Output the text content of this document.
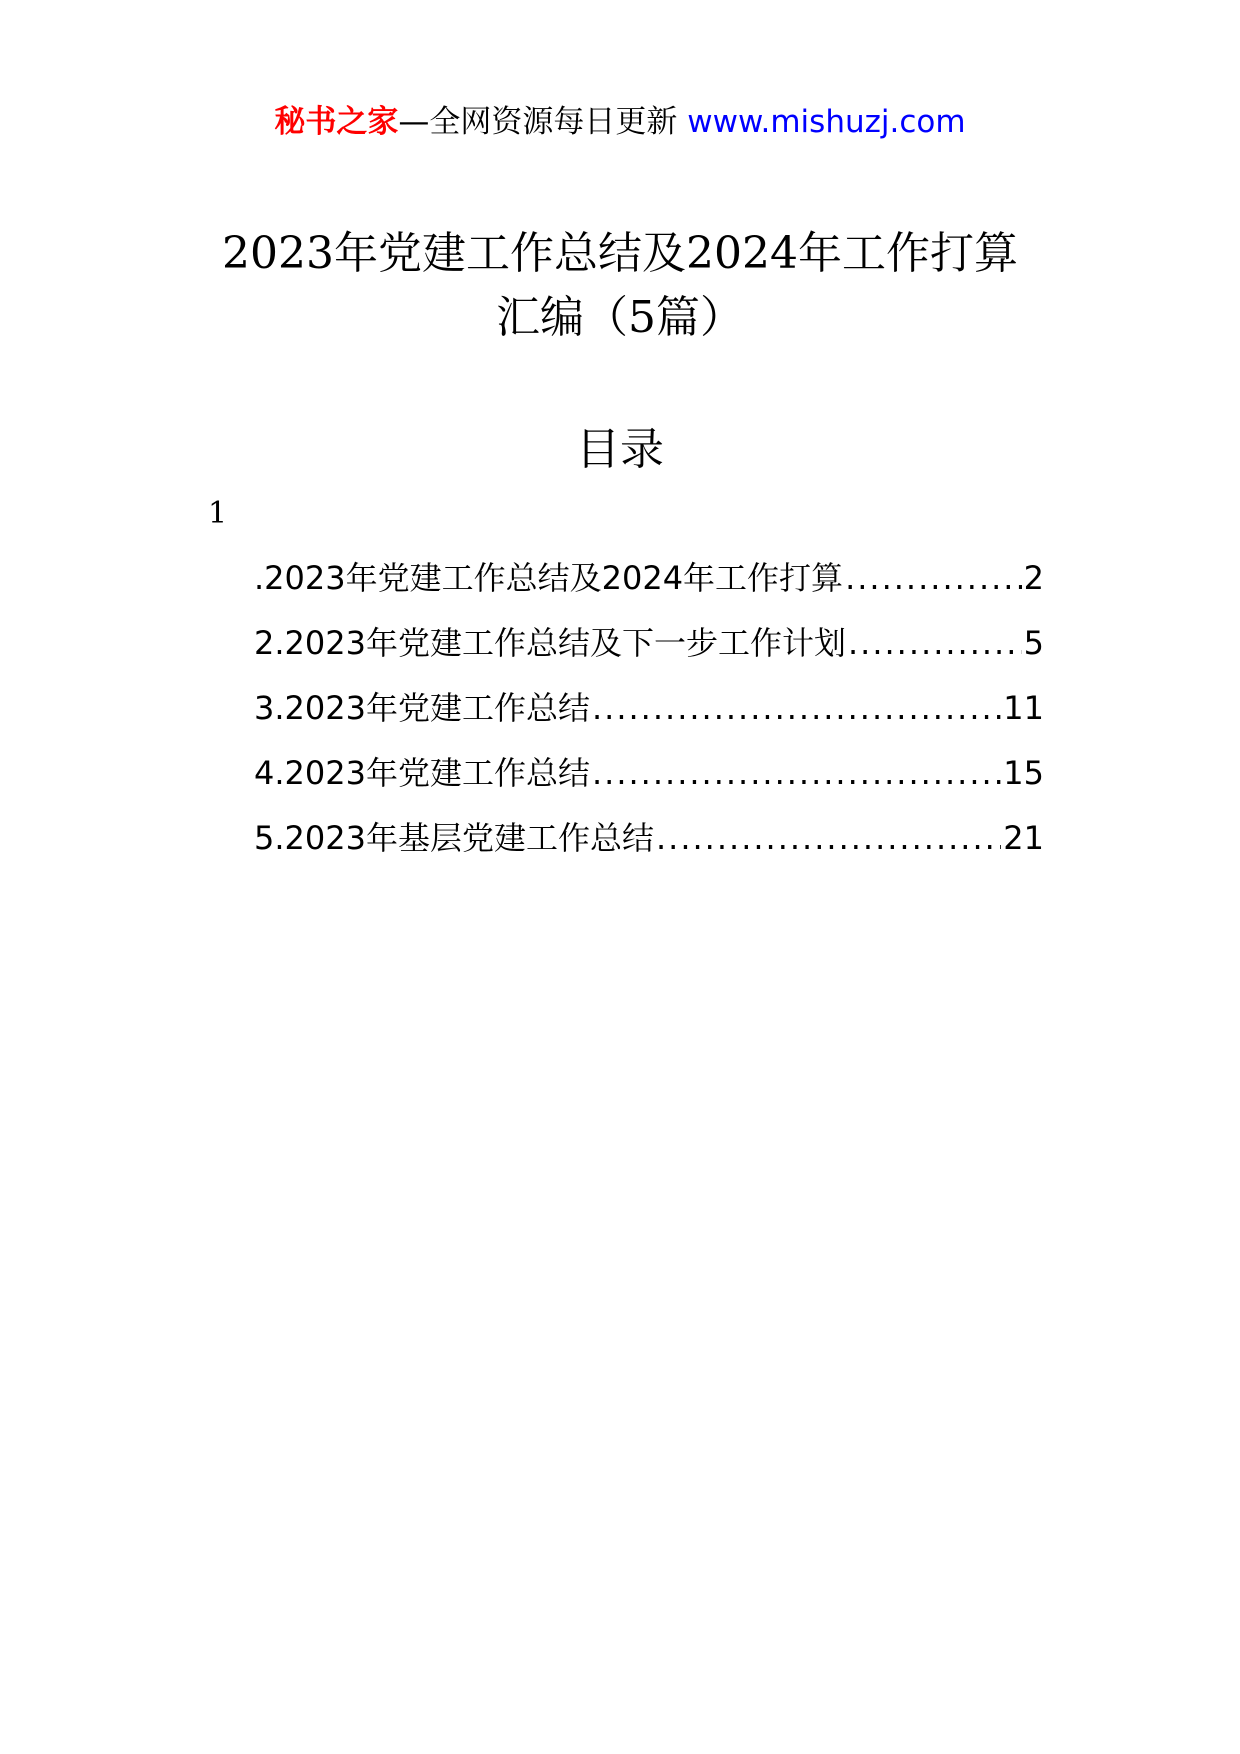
秘书之家—全网资源每日更新 www.mishuzj.com
2023年党建工作总结及2024年工作打算
汇编（5篇）
目录
1
.2023年党建工作总结及2024年工作打算 .....	2
2.2023年党建工作总结及下一步工作计划 .....	5
3.2023年党建工作总结 .....	11
4.2023年党建工作总结 .....	15
5.2023年基层党建工作总结 .....	21
